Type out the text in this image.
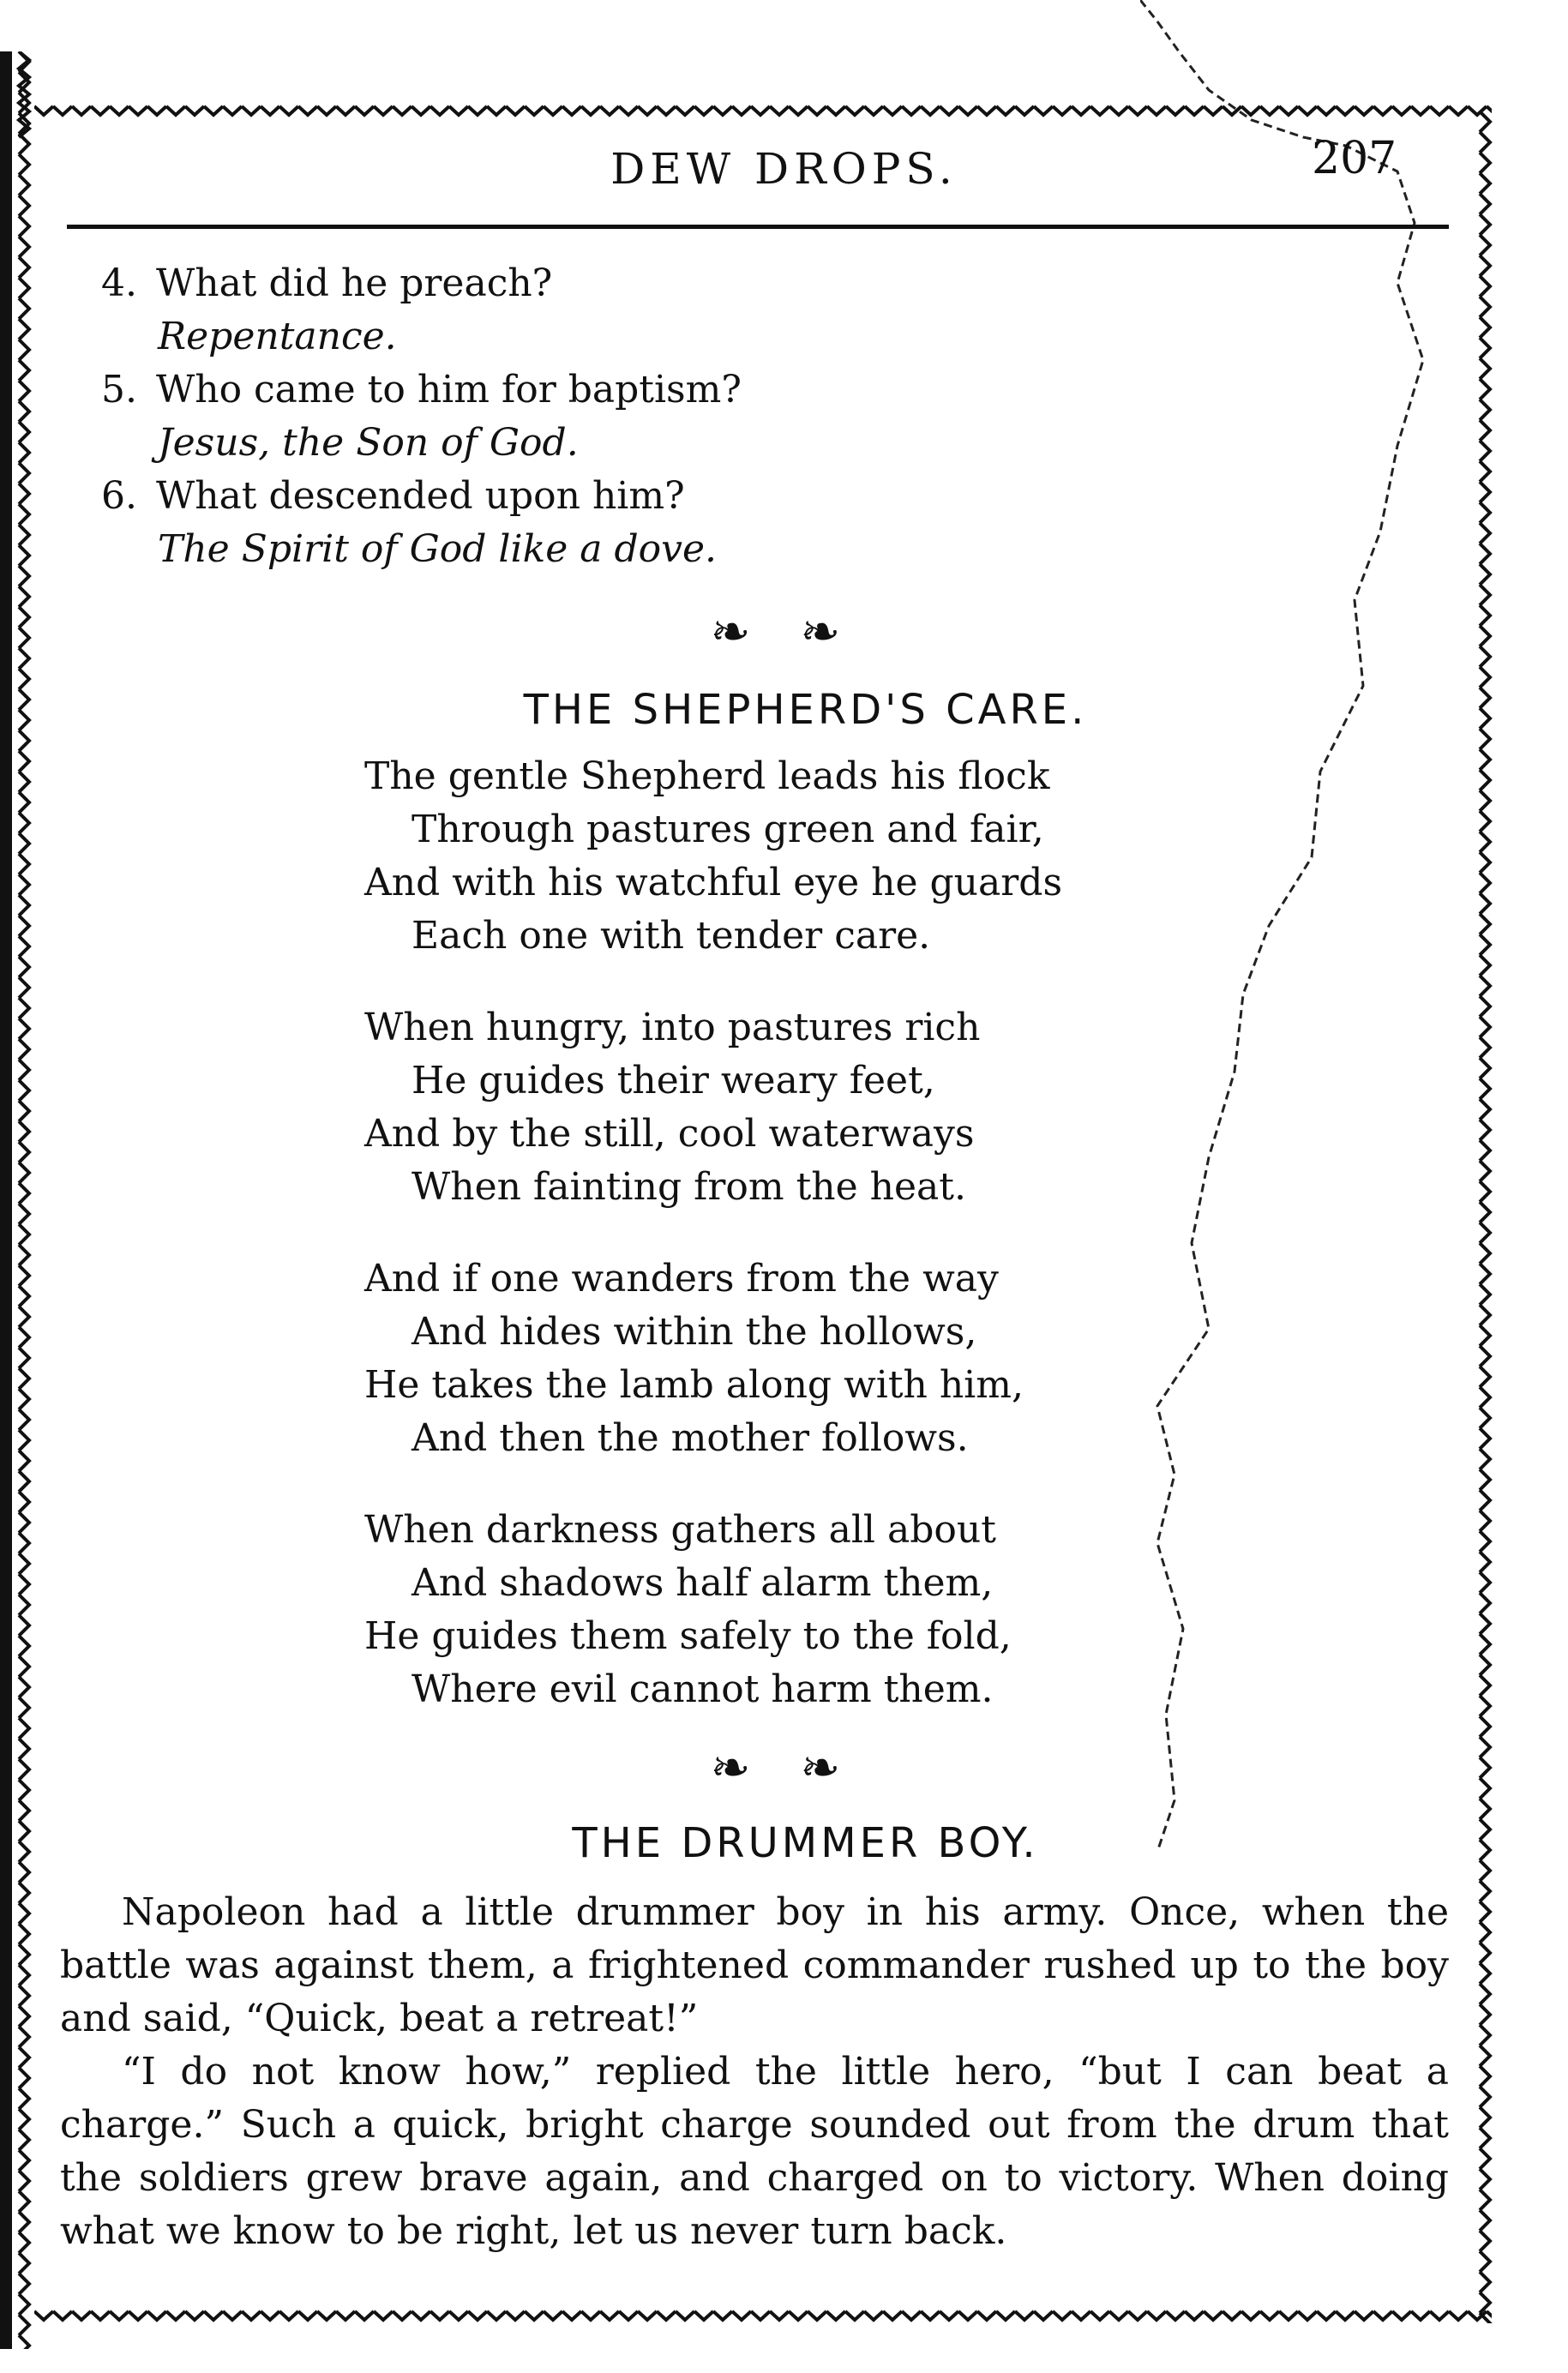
DEW DROPS.	207
4. What did he preach?
Repentance.
5. Who came to him for baptism?
Jesus, the Son of God.
6. What descended upon him?
The Spirit of God like a dove.
❧ ❧
THE SHEPHERD'S CARE.
The gentle Shepherd leads his flock
Through pastures green and fair,
And with his watchful eye he guards
Each one with tender care.
When hungry, into pastures rich
He guides their weary feet,
And by the still, cool waterways
When fainting from the heat.
And if one wanders from the way
And hides within the hollows,
He takes the lamb along with him,
And then the mother follows.
When darkness gathers all about
And shadows half alarm them,
He guides them safely to the fold,
Where evil cannot harm them.
❧ ❧
THE DRUMMER BOY.

Napoleon had a little drummer boy in his army. Once, when the battle was against them, a frightened commander rushed up to the boy and said, “Quick, beat a retreat!”

“I do not know how,” replied the little hero, “but I can beat a charge.” Such a quick, bright charge sounded out from the drum that the soldiers grew brave again, and charged on to victory. When doing what we know to be right, let us never turn back.
